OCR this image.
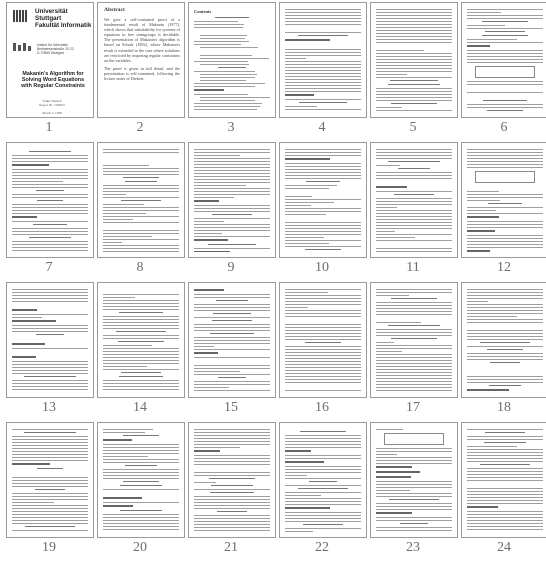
Universität Stuttgart
Fakultät Informatik
Institut für Informatik
Breitwiesenstraße 20-22
D-70565 Stuttgart
Makanin's Algorithm for Solving Word Equations with Regular Constraints
Volker Diekert
Report Nr. 1998/02
March 2, 1998
1
Abstract

We give a self-contained proof of a fundamental result of Makanin (1977), which shows that satisfiability for systems of equations in free semigroups is decidable. The presentation of Makanin's algorithm is based on Schulz (1992), where Makanin's result is extended to the case where solutions are restricted by imposing regular constraints on the variables.

The proof is given in full detail, and the presentation is self-contained, following the lecture notes of Diekert.

2
Contents
3	4	5	6
7	8	9	10	11	12
13	14	15	16	17	18
19	20	21	22	23	24
